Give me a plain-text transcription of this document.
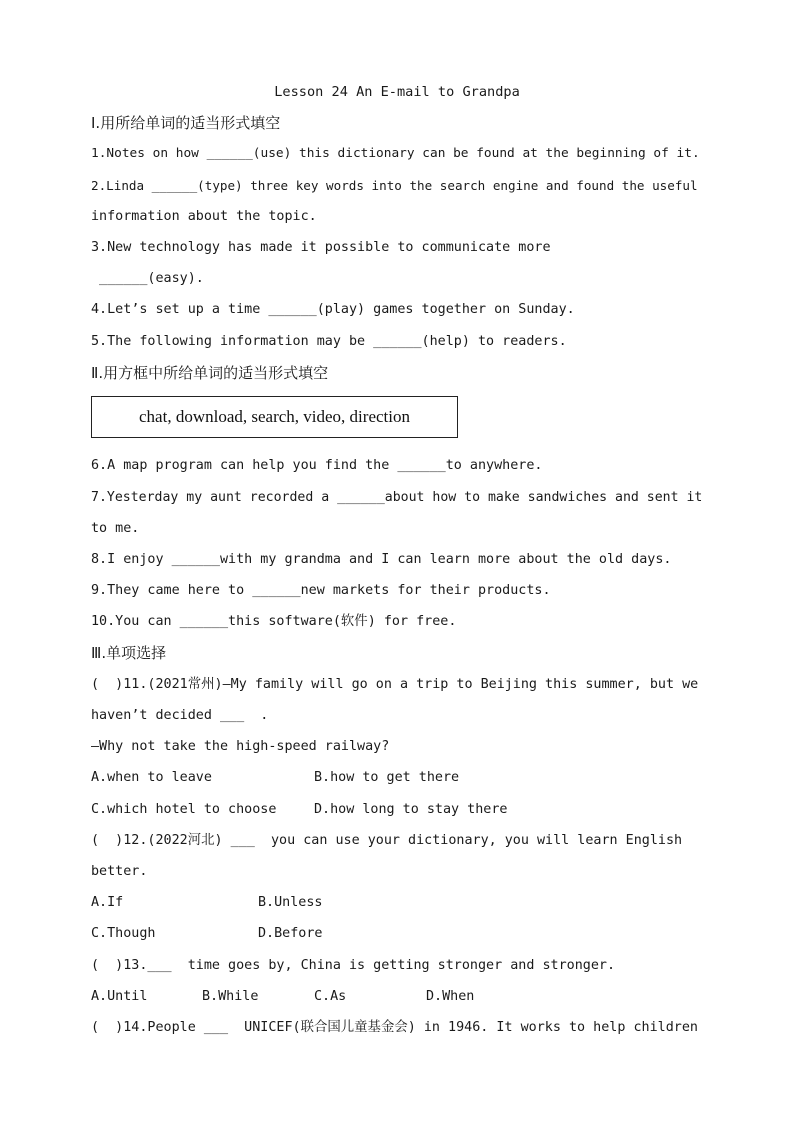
Lesson 24 An E-mail to Grandpa
Ⅰ.用所给单词的适当形式填空
1.Notes on how ______(use) this dictionary can be found at the beginning of it.
2.Linda ______(type) three key words into the search engine and found the useful
information about the topic.
3.New technology has made it possible to communicate more
______(easy).
4.Let’s set up a time ______(play) games together on Sunday.
5.The following information may be ______(help) to readers.
Ⅱ.用方框中所给单词的适当形式填空
chat, download, search, video, direction
6.A map program can help you find the ______to anywhere.
7.Yesterday my aunt recorded a ______about how to make sandwiches and sent it
to me.
8.I enjoy ______with my grandma and I can learn more about the old days.
9.They came here to ______new markets for their products.
10.You can ______this software(软件) for free.
Ⅲ.单项选择
(  )11.(2021常州)—My family will go on a trip to Beijing this summer, but we
haven’t decided ___  .
—Why not take the high-speed railway?
A.when to leave	B.how to get there
C.which hotel to choose	D.how long to stay there
(  )12.(2022河北) ___  you can use your dictionary, you will learn English
better.
A.If	B.Unless
C.Though	D.Before
(  )13.___  time goes by, China is getting stronger and stronger.
A.Until	B.While	C.As	D.When
(  )14.People ___  UNICEF(联合国儿童基金会) in 1946. It works to help children
